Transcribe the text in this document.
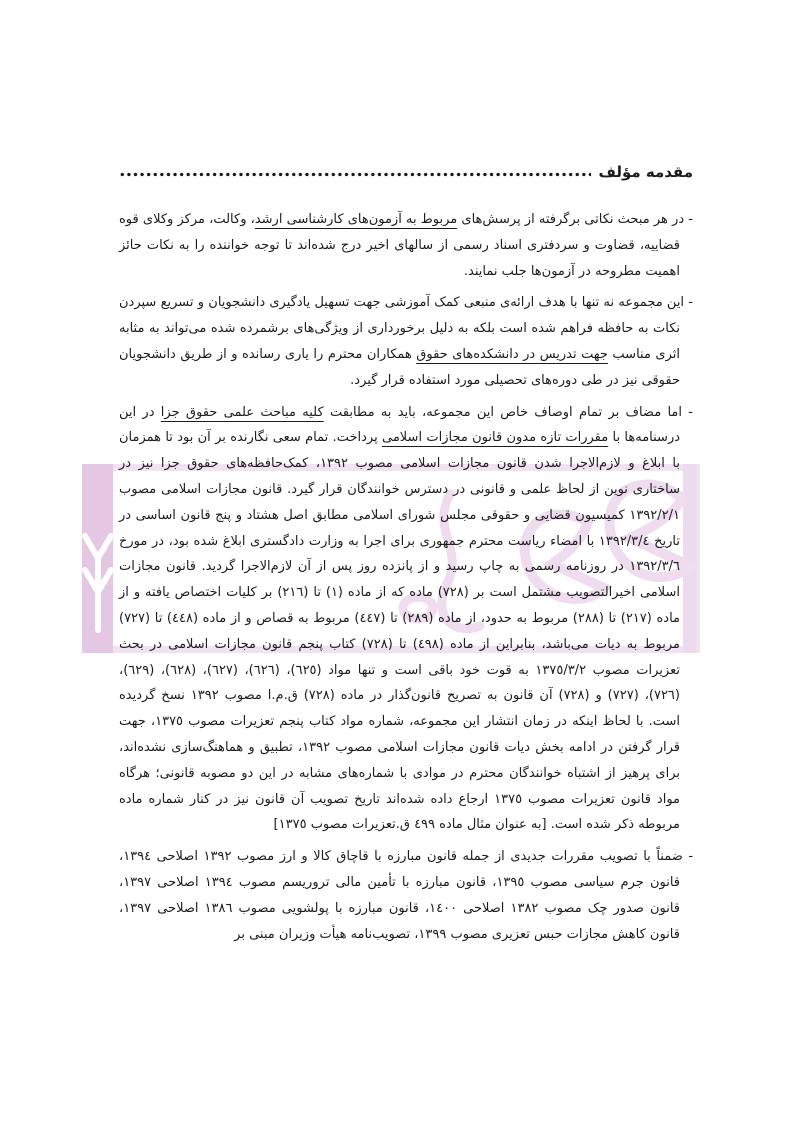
مقدمه مؤلف
- در هر مبحث نکاتی برگرفته از پرسش‌های مربوط به آزمون‌های کارشناسی ارشد، وکالت، مرکز وکلای قوه قضاییه، قضاوت و سردفتری اسناد رسمی از سالهای اخیر درج شده‌اند تا توجه خواننده را به نکات حائز اهمیت مطروحه در آزمون‌ها جلب نمایند.
- این مجموعه نه تنها با هدف ارائه‌ی منبعی کمک آموزشی جهت تسهیل یادگیری دانشجویان و تسریع سپردن نکات به حافظه فراهم شده است بلکه به دلیل برخورداری از ویژگی‌های برشمرده شده می‌تواند به مثابه اثری مناسب جهت تدریس در دانشکده‌های حقوق همکاران محترم را یاری رسانده و از طریق دانشجویان حقوقی نیز در طی دوره‌های تحصیلی مورد استفاده قرار گیرد.
- اما مضاف بر تمام اوصاف خاص این مجموعه، باید به مطابقت کلیه مباحث علمی حقوق جزا در این درسنامه‌ها با مقررات تازه مدون قانون مجازات اسلامی پرداخت. تمام سعی نگارنده بر آن بود تا همزمان با ابلاغ و لازم‌الاجرا شدن قانون مجازات اسلامی مصوب ١٣٩٢، کمک‌حافظه‌های حقوق جزا نیز در ساختاری نوین از لحاظ علمی و قانونی در دسترس خوانندگان قرار گیرد. قانون مجازات اسلامی مصوب ١٣٩٢/٢/١ کمیسیون قضایی و حقوقی مجلس شورای اسلامی مطابق اصل هشتاد و پنج قانون اساسی در تاریخ ١٣٩٢/٣/٤ با امضاء ریاست محترم جمهوری برای اجرا به وزارت دادگستری ابلاغ شده بود، در مورخ ١٣٩٢/٣/٦ در روزنامه رسمی به چاپ رسید و از پانزده روز پس از آن لازم‌الاجرا گردید. قانون مجازات اسلامی اخیرالتصویب مشتمل است بر (٧٢٨) ماده که از ماده (١) تا (٢١٦) بر کلیات اختصاص یافته و از ماده (٢١٧) تا (٢٨٨) مربوط به حدود، از ماده (٢٨٩) تا (٤٤٧) مربوط به قصاص و از ماده (٤٤٨) تا (٧٢٧) مربوط به دیات می‌باشد، بنابراین از ماده (٤٩٨) تا (٧٢٨) کتاب پنجم قانون مجازات اسلامی در بحث تعزیرات مصوب ١٣٧٥/٣/٢ به قوت خود باقی است و تنها مواد (٦٢٥)، (٦٢٦)، (٦٢٧)، (٦٢٨)، (٦٢٩)، (٧٢٦)، (٧٢٧) و (٧٢٨) آن قانون به تصریح قانون‌گذار در ماده (٧٢٨) ق.م.ا مصوب ١٣٩٢ نسخ گردیده است. با لحاظ اینکه در زمان انتشار این مجموعه، شماره مواد کتاب پنجم تعزیرات مصوب ١٣٧٥، جهت قرار گرفتن در ادامه بخش دیات قانون مجازات اسلامی مصوب ١٣٩٢، تطبیق و هماهنگ‌سازی نشده‌اند، برای پرهیز از اشتباه خوانندگان محترم در موادی با شماره‌های مشابه در این دو مصوبه قانونی؛ هرگاه مواد قانون تعزیرات مصوب ١٣٧٥ ارجاع داده شده‌اند تاریخ تصویب آن قانون نیز در کنار شماره ماده مربوطه ذکر شده است. [به عنوان مثال ماده ٤٩٩ ق.تعزیرات مصوب ١٣٧٥]
- ضمناً با تصویب مقررات جدیدی از جمله قانون مبارزه با قاچاق کالا و ارز مصوب ١٣٩٢ اصلاحی ١٣٩٤، قانون جرم سیاسی مصوب ١٣٩٥، قانون مبارزه با تأمین مالی تروریسم مصوب ١٣٩٤ اصلاحی ١٣٩٧، قانون صدور چک مصوب ١٣٨٢ اصلاحی ١٤٠٠، قانون مبارزه با پولشویی مصوب ١٣٨٦ اصلاحی ١٣٩٧، قانون کاهش مجازات حبس تعزیری مصوب ١٣٩٩، تصویب‌نامه هیأت وزیران مبنی بر
